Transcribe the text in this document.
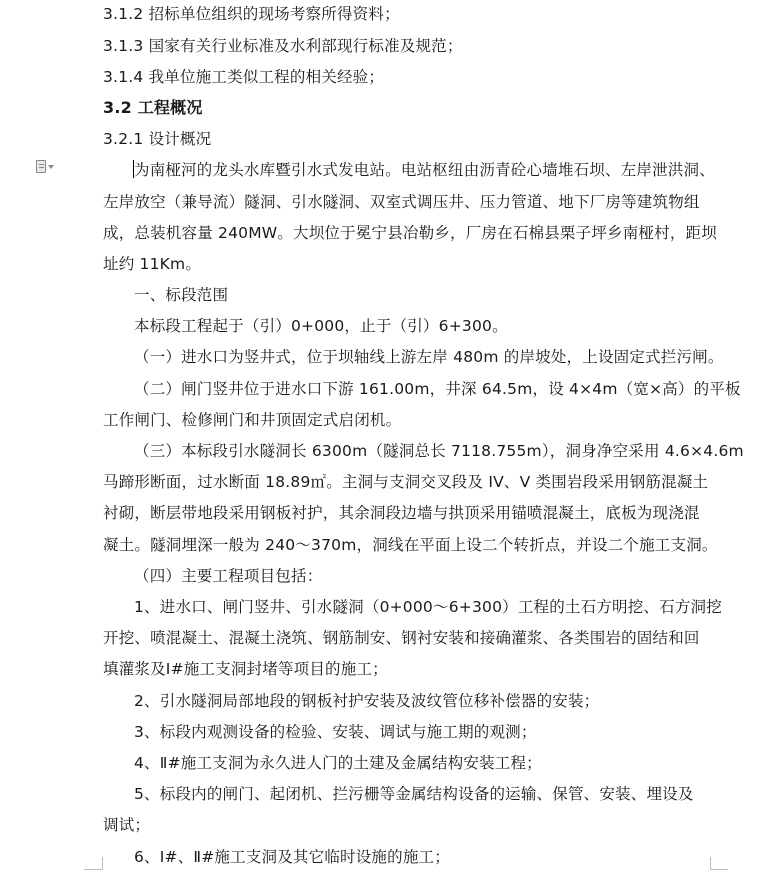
3.1.2 招标单位组织的现场考察所得资料；
3.1.3 国家有关行业标准及水利部现行标准及规范；
3.1.4 我单位施工类似工程的相关经验；
3.2 工程概况
3.2.1 设计概况
为南桠河的龙头水库暨引水式发电站。电站枢纽由沥青砼心墙堆石坝、左岸泄洪洞、
左岸放空（兼导流）隧洞、引水隧洞、双室式调压井、压力管道、地下厂房等建筑物组
成，总装机容量 240MW。大坝位于冕宁县冶勒乡，厂房在石棉县栗子坪乡南桠村，距坝
址约 11Km。
一、标段范围
本标段工程起于（引）0+000，止于（引）6+300。
（一）进水口为竖井式，位于坝轴线上游左岸 480m 的岸坡处，上设固定式拦污闸。
（二）闸门竖井位于进水口下游 161.00m，井深 64.5m，设 4×4m（宽×高）的平板
工作闸门、检修闸门和井顶固定式启闭机。
（三）本标段引水隧洞长 6300m（隧洞总长 7118.755m），洞身净空采用 4.6×4.6m
马蹄形断面，过水断面 18.89㎡。主洞与支洞交叉段及 IV、V 类围岩段采用钢筋混凝土
衬砌，断层带地段采用钢板衬护，其余洞段边墙与拱顶采用锚喷混凝土，底板为现浇混
凝土。隧洞埋深一般为 240～370m，洞线在平面上设二个转折点，并设二个施工支洞。
（四）主要工程项目包括：
1、进水口、闸门竖井、引水隧洞（0+000～6+300）工程的土石方明挖、石方洞挖
开挖、喷混凝土、混凝土浇筑、钢筋制安、钢衬安装和接确灌浆、各类围岩的固结和回
填灌浆及Ⅰ#施工支洞封堵等项目的施工；
2、引水隧洞局部地段的钢板衬护安装及波纹管位移补偿器的安装；
3、标段内观测设备的检验、安装、调试与施工期的观测；
4、Ⅱ#施工支洞为永久进人门的土建及金属结构安装工程；
5、标段内的闸门、起闭机、拦污栅等金属结构设备的运输、保管、安装、埋设及
调试；
6、Ⅰ#、Ⅱ#施工支洞及其它临时设施的施工；
